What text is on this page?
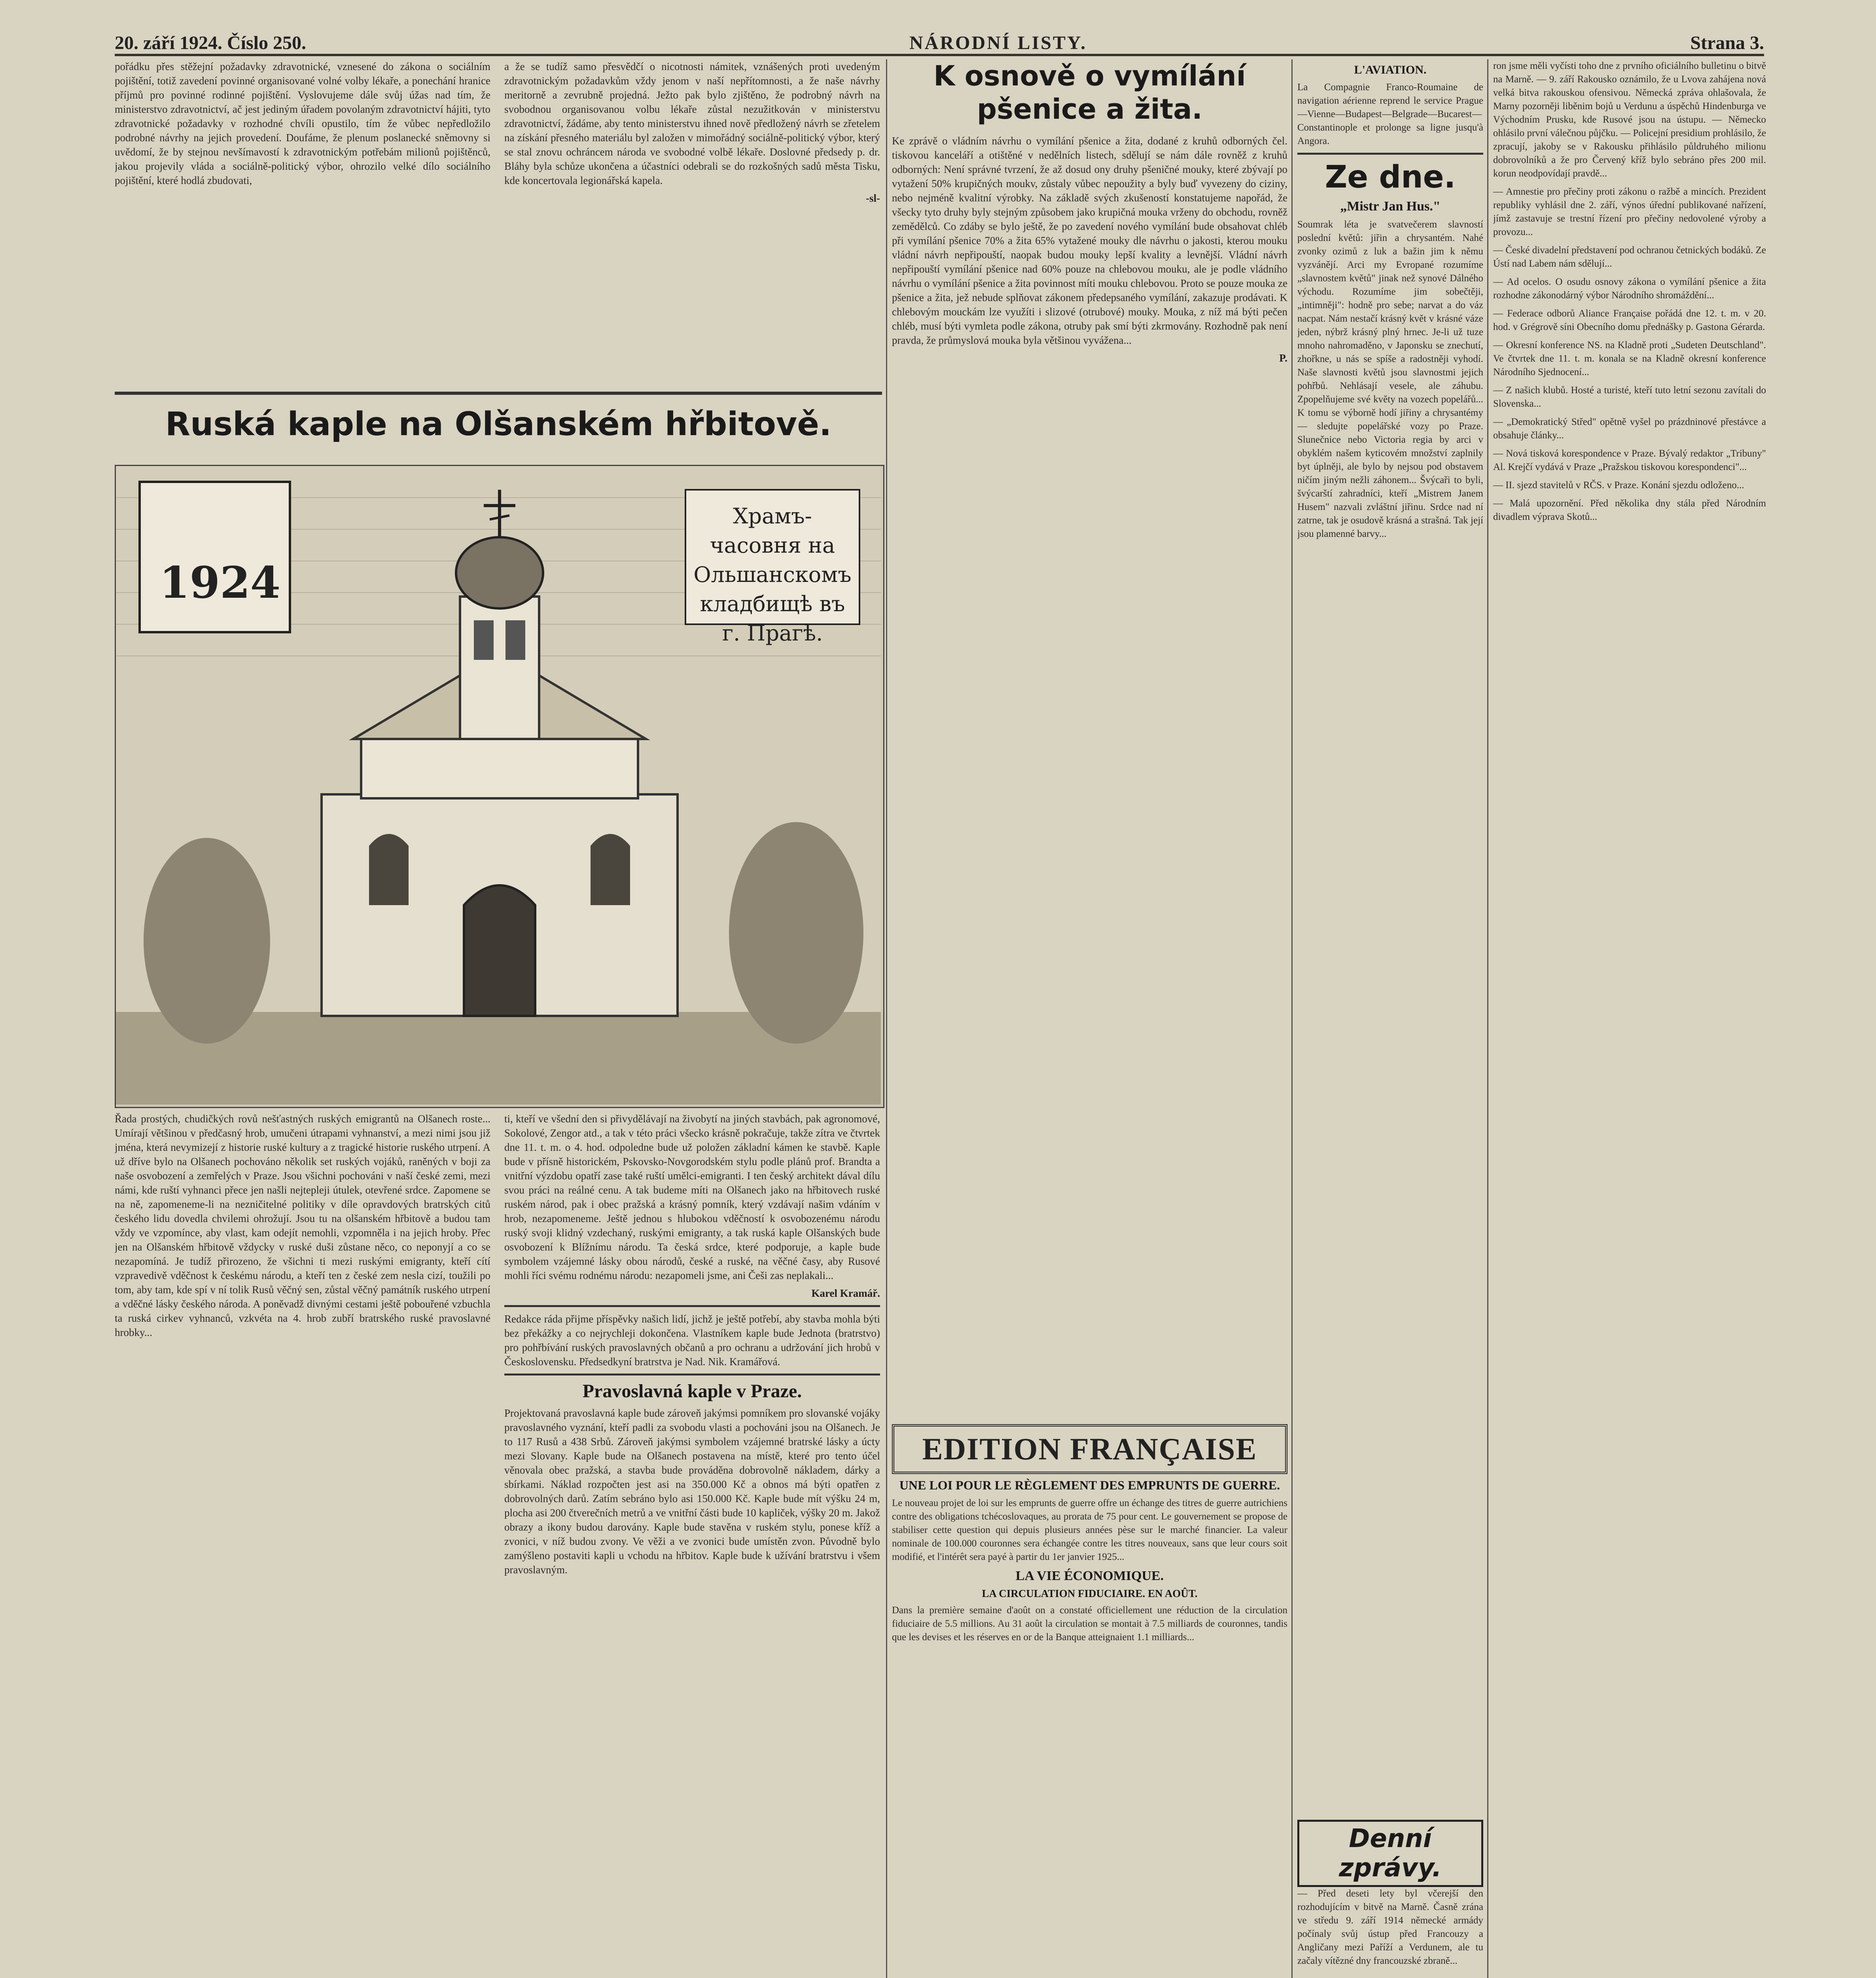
20. září 1924. Číslo 250.	NÁRODNÍ LISTY.	Strana 3.

pořádku přes stěžejní požadavky zdravotnické, vznesené do zákona o sociálním pojištění, totiž zavedení povinné organisované volné volby lékaře, a ponechání hranice příjmů pro povinné rodinné pojištění. Vyslovujeme dále svůj úžas nad tím, že ministerstvo zdravotnictví, ač jest jediným úřadem povolaným zdravotnictví hájiti, tyto zdravotnické požadavky v rozhodné chvíli opustilo, tím že vůbec nepředložilo podrobné návrhy na jejich provedení. Doufáme, že plenum poslanecké sněmovny si uvědomí, že by stejnou nevšímavostí k zdravotnickým potřebám milionů pojištěnců, jakou projevily vláda a sociálně-politický výbor, ohrozilo velké dílo sociálního pojištění, které hodlá zbudovati,

a že se tudíž samo přesvědčí o nicotnosti námitek, vznášených proti uvedeným zdravotnickým požadavkům vždy jenom v naší nepřítomnosti, a že naše návrhy meritorně a zevrubně projedná. Ježto pak bylo zjištěno, že podrobný návrh na svobodnou organisovanou volbu lékaře zůstal nezužitkován v ministerstvu zdravotnictví, žádáme, aby tento ministerstvu ihned nově předložený návrh se zřetelem na získání přesného materiálu byl založen v mimořádný sociálně-politický výbor, který se stal znovu ochráncem národa ve svobodné volbě lékaře. Doslovné předsedy p. dr. Bláhy byla schůze ukončena a účastníci odebrali se do rozkošných sadů města Tisku, kde koncertovala legionářská kapela.

-sl-
Ruská kaple na Olšanském hřbitově.
1924
Храмъ-часовня на Ольшанскомъ кладбищѣ въ г. Прагѣ.

Řada prostých, chudičkých rovů nešťastných ruských emigrantů na Olšanech roste... Umírají většinou v předčasný hrob, umučeni útrapami vyhnanství, a mezi nimi jsou již jména, která nevymizejí z historie ruské kultury a z tragické historie ruského utrpení. A už dříve bylo na Olšanech pochováno několik set ruských vojáků, raněných v boji za naše osvobození a zemřelých v Praze. Jsou všichni pochováni v naší české zemi, mezi námi, kde ruští vyhnanci přece jen našli nejtepleji útulek, otevřené srdce. Zapomene se na ně, zapomeneme-li na nezničitelné politiky v díle opravdových bratrských citů českého lidu dovedla chvilemi ohrožují. Jsou tu na olšanském hřbitově a budou tam vždy ve vzpomínce, aby vlast, kam odejít nemohli, vzpomněla i na jejich hroby. Přec jen na Olšanském hřbitově vždycky v ruské duši zůstane něco, co neponyjí a co se nezapomíná. Je tudíž přirozeno, že všichni ti mezi ruskými emigranty, kteří cítí vzpravedivě vděčnost k českému národu, a kteří ten z české zem nesla cizí, toužili po tom, aby tam, kde spí v ní tolik Rusů věčný sen, zůstal věčný památník ruského utrpení a vděčné lásky českého národa. A poněvadž divnými cestami ještě pobouřené vzbuchla ta ruská cirkev vyhnanců, vzkvéta na 4. hrob zubří bratrského ruské pravoslavné hrobky...

ti, kteří ve všední den si přivydělávají na živobytí na jiných stavbách, pak agronomové, Sokolové, Zengor atd., a tak v této práci všecko krásně pokračuje, takže zítra ve čtvrtek dne 11. t. m. o 4. hod. odpoledne bude už položen základní kámen ke stavbě. Kaple bude v přísně historickém, Pskovsko-Novgorodském stylu podle plánů prof. Brandta a vnitřní výzdobu opatří zase také ruští umělci-emigranti. I ten český architekt dával dílu svou práci na reálné cenu. A tak budeme míti na Olšanech jako na hřbitovech ruské ruském národ, pak i obec pražská a krásný pomník, který vzdávají našim vdáním v hrob, nezapomeneme. Ještě jednou s hlubokou vděčností k osvobozenému národu ruský svoji klidný vzdechaný, ruskými emigranty, a tak ruská kaple Olšanských bude osvobození k Blížnímu národu. Ta česká srdce, které podporuje, a kaple bude symbolem vzájemné lásky obou národů, české a ruské, na věčné časy, aby Rusové mohli říci svému rodnému národu: nezapomeli jsme, ani Češi zas neplakali...

Karel Kramář.

Redakce ráda přijme příspěvky našich lidí, jichž je ještě potřebí, aby stavba mohla býti bez překážky a co nejrychleji dokončena. Vlastníkem kaple bude Jednota (bratrstvo) pro pohřbívání ruských pravoslavných občanů a pro ochranu a udržování jich hrobů v Československu. Předsedkyní bratrstva je Nad. Nik. Kramářová.

Pravoslavná kaple v Praze.

Projektovaná pravoslavná kaple bude zároveň jakýmsi pomníkem pro slovanské vojáky pravoslavného vyznání, kteří padli za svobodu vlasti a pochováni jsou na Olšanech. Je to 117 Rusů a 438 Srbů. Zároveň jakýmsi symbolem vzájemné bratrské lásky a úcty mezi Slovany. Kaple bude na Olšanech postavena na místě, které pro tento účel věnovala obec pražská, a stavba bude prováděna dobrovolně nákladem, dárky a sbírkami. Náklad rozpočten jest asi na 350.000 Kč a obnos má býti opatřen z dobrovolných darů. Zatím sebráno bylo asi 150.000 Kč. Kaple bude mít výšku 24 m, plocha asi 200 čtverečních metrů a ve vnitřní části bude 10 kapliček, výšky 20 m. Jakož obrazy a ikony budou darovány. Kaple bude stavěna v ruském stylu, ponese kříž a zvonici, v níž budou zvony. Ve věži a ve zvonici bude umístěn zvon. Původně bylo zamýšleno postaviti kapli u vchodu na hřbitov. Kaple bude k užívání bratrstvu i všem pravoslavným.

K osnově o vymílání pšenice a žita.

Ke zprávě o vládním návrhu o vymílání pšenice a žita, dodané z kruhů odborných čel. tiskovou kanceláří a otištěné v nedělních listech, sdělují se nám dále rovněž z kruhů odborných: Není správné tvrzení, že až dosud ony druhy pšeničné mouky, které zbývají po vytažení 50% krupičných moukv, zůstaly vůbec nepoužity a byly buď vyvezeny do ciziny, nebo nejméně kvalitní výrobky. Na základě svých zkušeností konstatujeme napořád, že všecky tyto druhy byly stejným způsobem jako krupičná mouka vrženy do obchodu, rovněž zemědělců. Co zdáby se bylo ještě, že po zavedení nového vymílání bude obsahovat chléb při vymílání pšenice 70% a žita 65% vytažené mouky dle návrhu o jakosti, kterou mouku vládní návrh nepřipouští, naopak budou mouky lepší kvality a levnější. Vládní návrh nepřipouští vymílání pšenice nad 60% pouze na chlebovou mouku, ale je podle vládního návrhu o vymílání pšenice a žita povinnost míti mouku chlebovou. Proto se pouze mouka ze pšenice a žita, jež nebude splňovat zákonem předepsaného vymílání, zakazuje prodávati. K chlebovým mouckám lze využíti i slizové (otrubové) mouky. Mouka, z níž má býti pečen chléb, musí býti vymleta podle zákona, otruby pak smí býti zkrmovány. Rozhodně pak není pravda, že průmyslová mouka byla většinou vyvážena...

P.
EDITION FRANÇAISE
UNE LOI POUR LE RÈGLEMENT DES EMPRUNTS DE GUERRE.

Le nouveau projet de loi sur les emprunts de guerre offre un échange des titres de guerre autrichiens contre des obligations tchécoslovaques, au prorata de 75 pour cent. Le gouvernement se propose de stabiliser cette question qui depuis plusieurs années pèse sur le marché financier. La valeur nominale de 100.000 couronnes sera échangée contre les titres nouveaux, sans que leur cours soit modifié, et l'intérêt sera payé à partir du 1er janvier 1925...

LA VIE ÉCONOMIQUE.
LA CIRCULATION FIDUCIAIRE. EN AOÛT.

Dans la première semaine d'août on a constaté officiellement une réduction de la circulation fiduciaire de 5.5 millions. Au 31 août la circulation se montait à 7.5 milliards de couronnes, tandis que les devises et les réserves en or de la Banque atteignaient 1.1 milliards...

L'AVIATION.

La Compagnie Franco-Roumaine de navigation aérienne reprend le service Prague—Vienne—Budapest—Belgrade—Bucarest—Constantinople et prolonge sa ligne jusqu'à Angora.

Ze dne.
„Mistr Jan Hus."

Soumrak léta je svatvečerem slavností poslední květů: jiřin a chrysantém. Nahé zvonky ozimů z luk a bažin jim k němu vyzvánějí. Arci my Evropané rozumíme „slavnostem květů" jinak než synové Dálného východu. Rozumíme jim sobečtěji, „intimněji": hodně pro sebe; narvat a do váz nacpat. Nám nestačí krásný květ v krásné váze jeden, nýbrž krásný plný hrnec. Je-li už tuze mnoho nahromaděno, v Japonsku se znechutí, zhořkne, u nás se spíše a radostněji vyhodí. Naše slavnosti květů jsou slavnostmi jejich pohřbů. Nehlásají vesele, ale záhubu. Zpopelňujeme své květy na vozech popelářů... K tomu se výborně hodí jiřiny a chrysantémy — sledujte popelářské vozy po Praze. Slunečnice nebo Victoria regia by arci v obyklém našem kyticovém množství zaplnily byt úplněji, ale bylo by nejsou pod obstavem ničím jiným nežli záhonem... Švýcaři to byli, švýcarští zahradníci, kteří „Mistrem Janem Husem" nazvali zvláštní jiřinu. Srdce nad ní zatrne, tak je osudově krásná a strašná. Tak její jsou plamenné barvy...

ron jsme měli vyčísti toho dne z prvního oficiálního bulletinu o bitvě na Marně. — 9. září Rakousko oznámilo, že u Lvova zahájena nová velká bitva rakouskou ofensivou. Německá zpráva ohlašovala, že Marny pozorněji liběnim bojů u Verdunu a úspěchů Hindenburga ve Východním Prusku, kde Rusové jsou na ústupu. — Německo ohlásilo první válečnou půjčku. — Policejní presidium prohlásilo, že zpracují, jakoby se v Rakousku přihlásilo půldruhého milionu dobrovolníků a že pro Červený kříž bylo sebráno přes 200 mil. korun neodpovídají pravdě...

— Amnestie pro přečiny proti zákonu o ražbě a mincích. Prezident republiky vyhlásil dne 2. září, výnos úřední publikované nařízení, jímž zastavuje se trestní řízení pro přečiny nedovolené výroby a provozu...

— České divadelní představení pod ochranou četnických bodáků. Ze Ústí nad Labem nám sdělují...

— Ad ocelos. O osudu osnovy zákona o vymílání pšenice a žita rozhodne zákonodárný výbor Národního shromáždění...

— Federace odborů Aliance Française pořádá dne 12. t. m. v 20. hod. v Grégrově síni Obecního domu přednášky p. Gastona Gérarda.

— Okresní konference NS. na Kladně proti „Sudeten Deutschland". Ve čtvrtek dne 11. t. m. konala se na Kladně okresní konference Národního Sjednocení...

— Z našich klubů. Hosté a turisté, kteří tuto letní sezonu zavítali do Slovenska...

— „Demokratický Střed" opětně vyšel po prázdninové přestávce a obsahuje články...

— Nová tisková korespondence v Praze. Bývalý redaktor „Tribuny" Al. Krejčí vydává v Praze „Pražskou tiskovou korespondenci"...

— II. sjezd stavitelů v RČS. v Praze. Konání sjezdu odloženo...

— Malá upozornění. Před několika dny stála před Národním divadlem výprava Skotů...

Denní zprávy.

— Před deseti lety byl včerejší den rozhodujícím v bitvě na Marně. Časně zrána ve středu 9. září 1914 německé armády počínaly svůj ústup před Francouzy a Angličany mezi Paříží a Verdunem, ale tu začaly vítězné dny francouzské zbraně...
